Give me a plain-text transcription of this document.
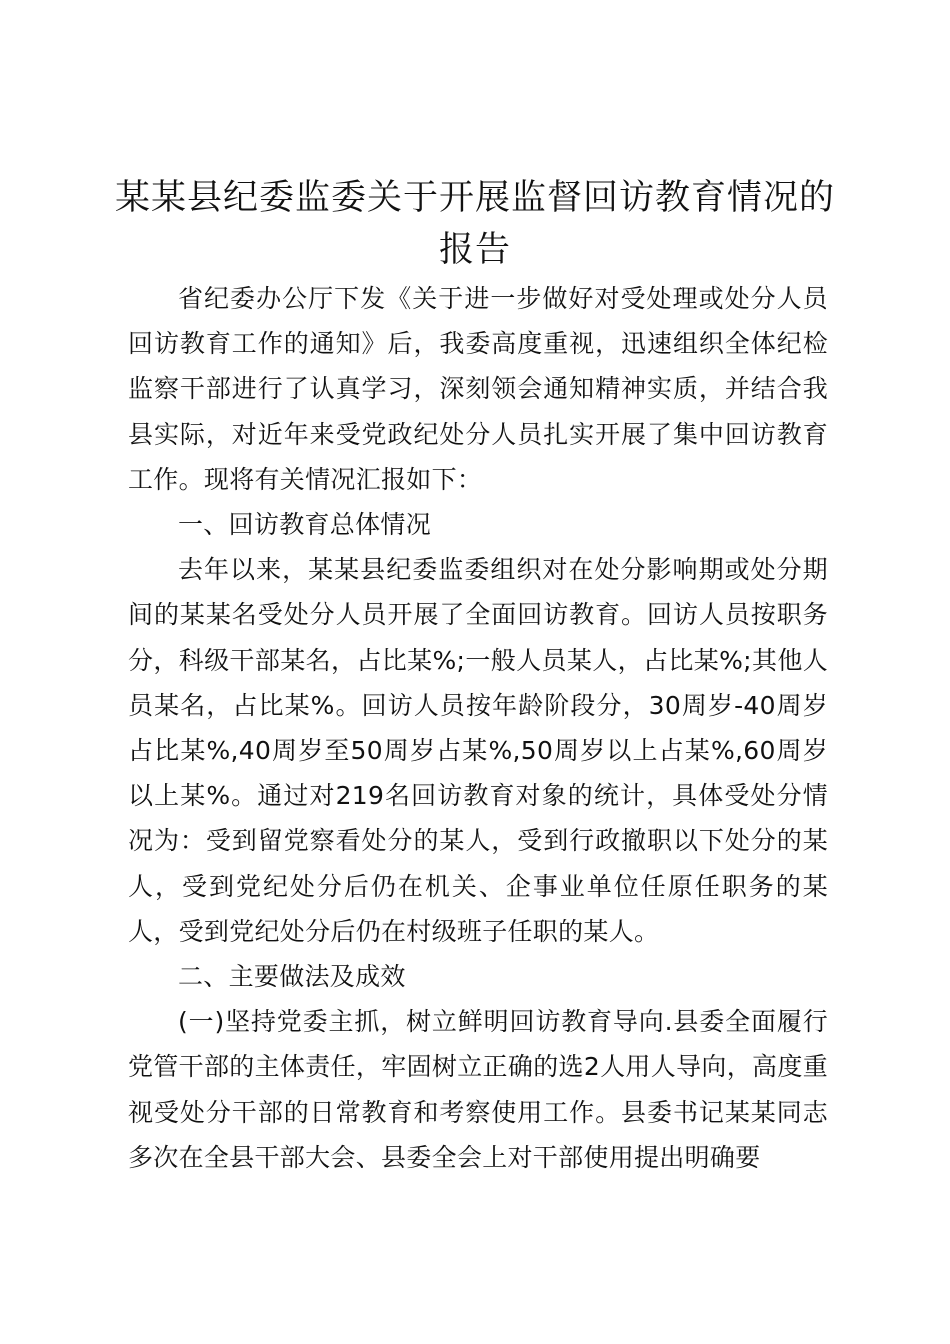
某某县纪委监委关于开展监督回访教育情况的
报告

省纪委办公厅下发《关于进一步做好对受处理或处分人员回访教育工作的通知》后，我委高度重视，迅速组织全体纪检监察干部进行了认真学习，深刻领会通知精神实质，并结合我县实际，对近年来受党政纪处分人员扎实开展了集中回访教育工作。现将有关情况汇报如下：

一、回访教育总体情况

去年以来，某某县纪委监委组织对在处分影响期或处分期间的某某名受处分人员开展了全面回访教育。回访人员按职务分，科级干部某名，占比某%;一般人员某人，占比某%;其他人员某名，占比某%。回访人员按年龄阶段分，30周岁-40周岁占比某%,40周岁至50周岁占某%,50周岁以上占某%,60周岁以上某%。通过对219名回访教育对象的统计，具体受处分情况为：受到留党察看处分的某人，受到行政撤职以下处分的某人，受到党纪处分后仍在机关、企事业单位任原任职务的某人，受到党纪处分后仍在村级班子任职的某人。

二、主要做法及成效

(一)坚持党委主抓，树立鲜明回访教育导向.县委全面履行党管干部的主体责任，牢固树立正确的选2人用人导向，高度重视受处分干部的日常教育和考察使用工作。县委书记某某同志多次在全县干部大会、县委全会上对干部使用提出明确要
